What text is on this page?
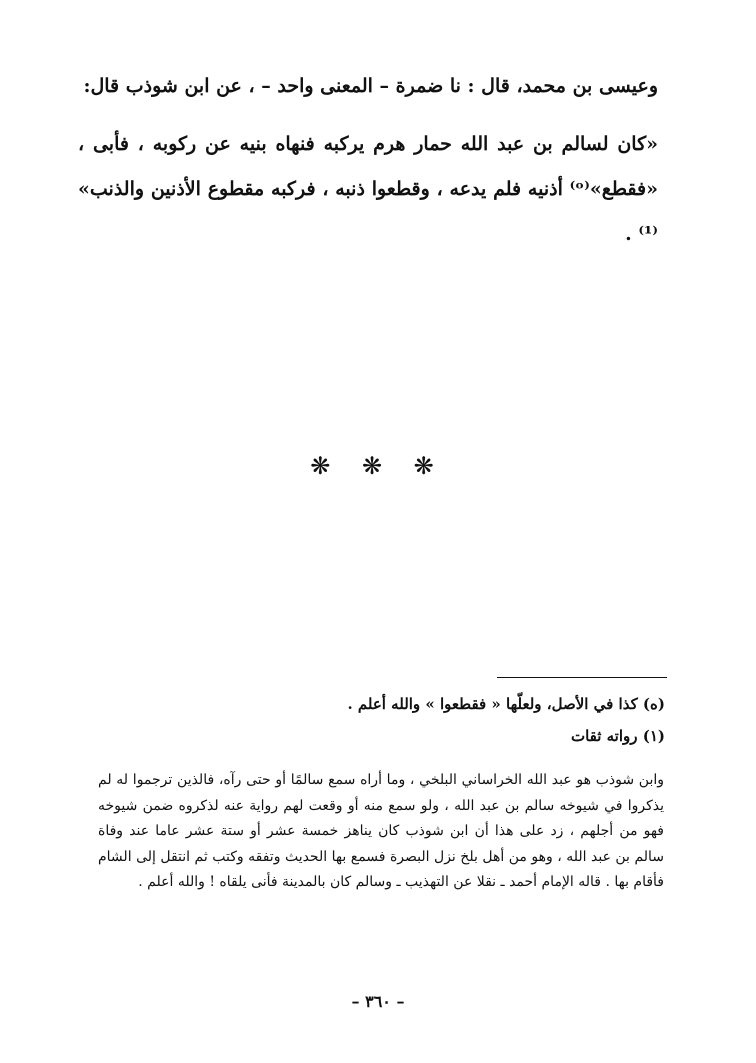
وعيسى بن محمد، قال : نا ضمرة – المعنى واحد – ، عن ابن شوذب قال:

«كان لسالم بن عبد الله حمار هرم يركبه فنهاه بنيه عن ركوبه ، فأبى ، «فقطع»⁽ᵒ⁾ أذنيه فلم يدعه ، وقطعوا ذنبه ، فركبه مقطوع الأذنين والذنب» ⁽¹⁾ .

❋ ❋ ❋

(ه) كذا في الأصل، ولعلّها « فقطعوا » والله أعلم .

(١) رواته ثقات

وابن شوذب هو عبد الله الخراساني البلخي ، وما أراه سمع سالمًا أو حتى رآه، فالذين ترجموا له لم يذكروا في شيوخه سالم بن عبد الله ، ولو سمع منه أو وقعت لهم رواية عنه لذكروه ضمن شيوخه فهو من أجلهم ، زد على هذا أن ابن شوذب كان يناهز خمسة عشر أو ستة عشر عاما عند وفاة سالم بن عبد الله ، وهو من أهل بلخ نزل البصرة فسمع بها الحديث وتفقه وكتب ثم انتقل إلى الشام فأقام بها . قاله الإمام أحمد ـ نقلا عن التهذيب ـ وسالم كان بالمدينة فأنى يلقاه ! والله أعلم .

– ٣٦٠ –
